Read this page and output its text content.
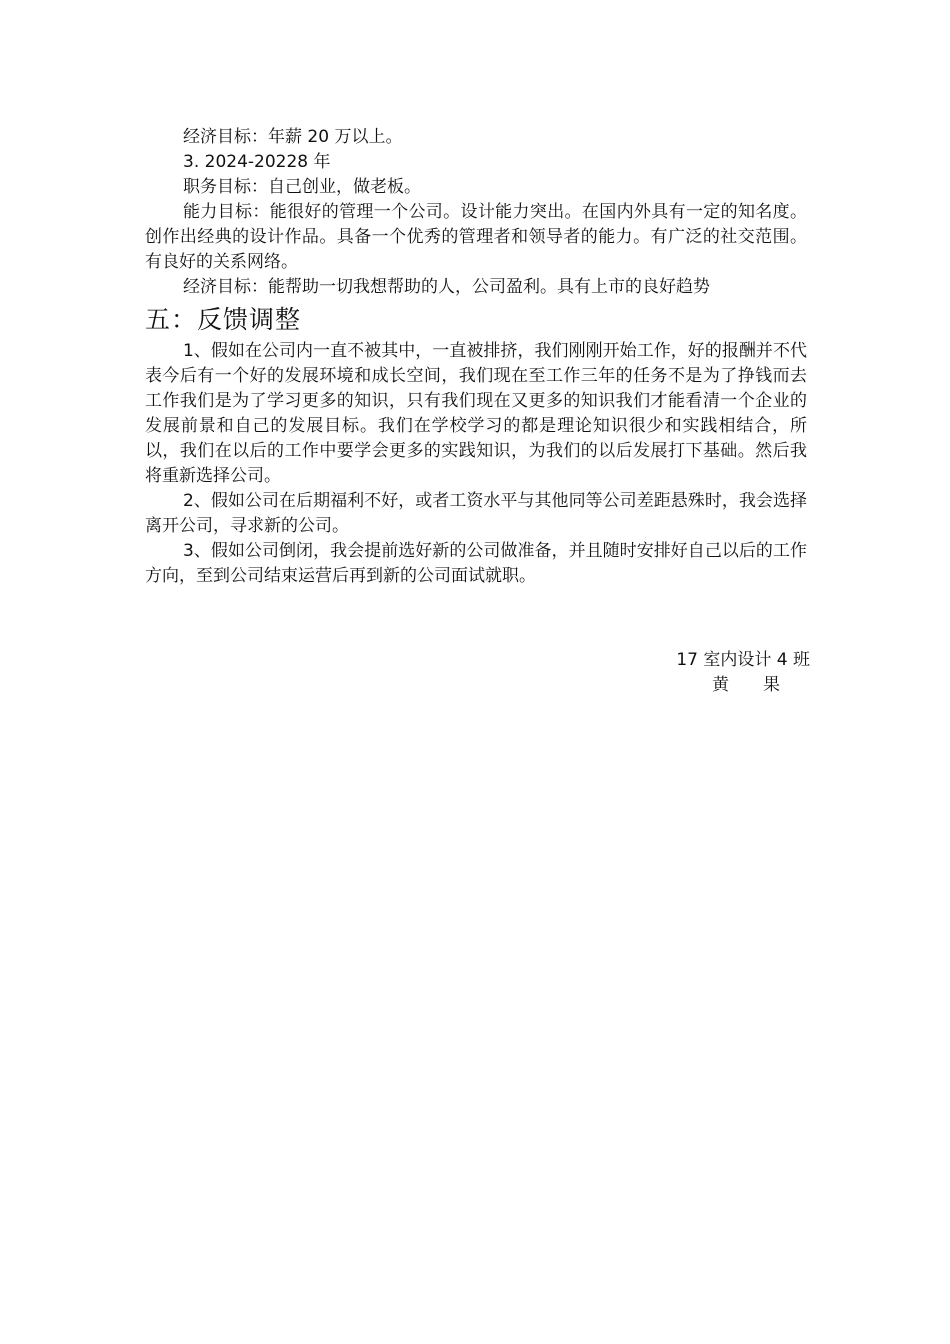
经济目标：年薪 20 万以上。

3. 2024-20228 年

职务目标：自己创业，做老板。

能力目标：能很好的管理一个公司。设计能力突出。在国内外具有一定的知名度。创作出经典的设计作品。具备一个优秀的管理者和领导者的能力。有广泛的社交范围。有良好的关系网络。

经济目标：能帮助一切我想帮助的人，公司盈利。具有上市的良好趋势

五：反馈调整

1、假如在公司内一直不被其中，一直被排挤，我们刚刚开始工作，好的报酬并不代表今后有一个好的发展环境和成长空间，我们现在至工作三年的任务不是为了挣钱而去工作我们是为了学习更多的知识，只有我们现在又更多的知识我们才能看清一个企业的发展前景和自己的发展目标。我们在学校学习的都是理论知识很少和实践相结合，所以，我们在以后的工作中要学会更多的实践知识，为我们的以后发展打下基础。然后我将重新选择公司。

2、假如公司在后期福利不好，或者工资水平与其他同等公司差距悬殊时，我会选择离开公司，寻求新的公司。

3、假如公司倒闭，我会提前选好新的公司做准备，并且随时安排好自己以后的工作方向，至到公司结束运营后再到新的公司面试就职。

17 室内设计 4 班
黄　　果
